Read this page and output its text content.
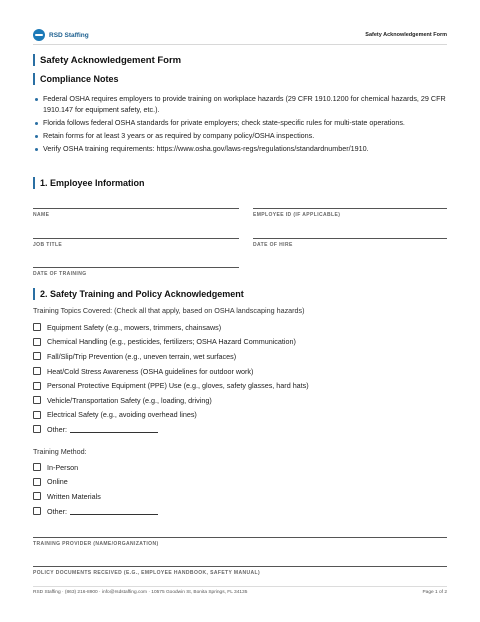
RSD Staffing	Safety Acknowledgement Form
Safety Acknowledgement Form
Compliance Notes
Federal OSHA requires employers to provide training on workplace hazards (29 CFR 1910.1200 for chemical hazards, 29 CFR 1910.147 for equipment safety, etc.).
Florida follows federal OSHA standards for private employers; check state-specific rules for multi-state operations.
Retain forms for at least 3 years or as required by company policy/OSHA inspections.
Verify OSHA training requirements: https://www.osha.gov/laws-regs/regulations/standardnumber/1910.
1. Employee Information
NAME	EMPLOYEE ID (IF APPLICABLE)
JOB TITLE	DATE OF HIRE
DATE OF TRAINING
2. Safety Training and Policy Acknowledgement
Training Topics Covered: (Check all that apply, based on OSHA landscaping hazards)
Equipment Safety (e.g., mowers, trimmers, chainsaws)
Chemical Handling (e.g., pesticides, fertilizers; OSHA Hazard Communication)
Fall/Slip/Trip Prevention (e.g., uneven terrain, wet surfaces)
Heat/Cold Stress Awareness (OSHA guidelines for outdoor work)
Personal Protective Equipment (PPE) Use (e.g., gloves, safety glasses, hard hats)
Vehicle/Transportation Safety (e.g., loading, driving)
Electrical Safety (e.g., avoiding overhead lines)
Other:
Training Method:
In-Person
Online
Written Materials
Other:
TRAINING PROVIDER (NAME/ORGANIZATION)
POLICY DOCUMENTS RECEIVED (E.G., EMPLOYEE HANDBOOK, SAFETY MANUAL)
RSD Staffing · (863) 216-8900 · info@rsdstaffing.com · 10575 Goodwin St, Bonita Springs, FL 34135	Page 1 of 2
